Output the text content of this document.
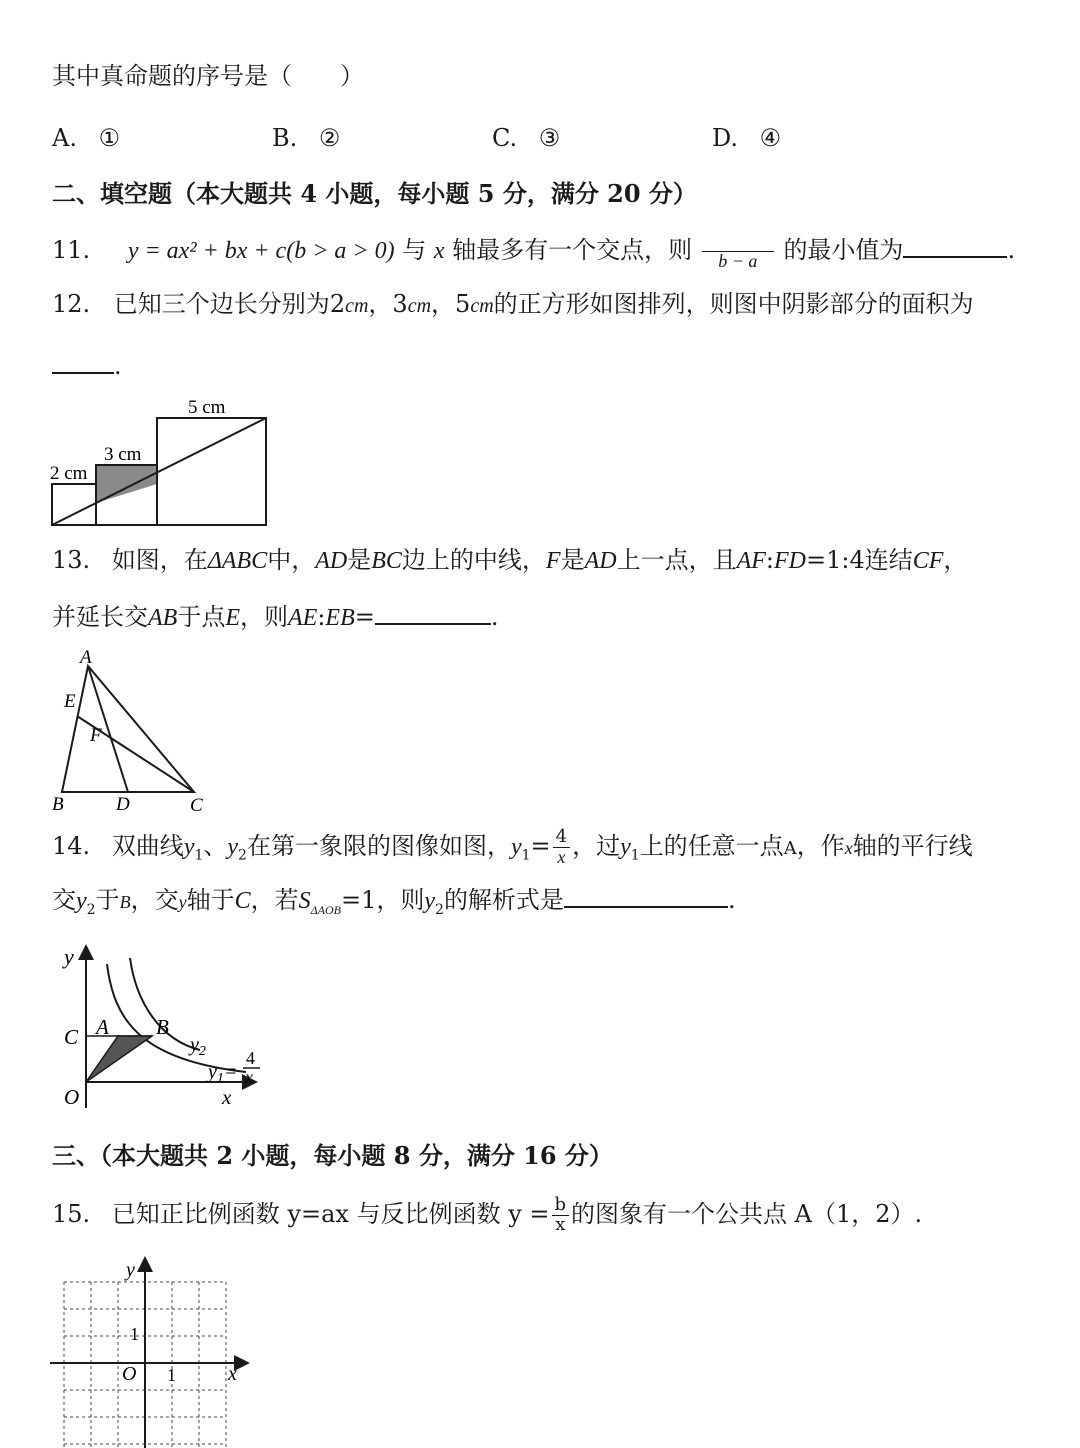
其中真命题的序号是（　　）
A. ①	B. ②	C. ③	D. ④
二、填空题（本大题共 4 小题，每小题 5 分，满分 20 分）
11. y = ax² + bx + c(b > a > 0) 与 x 轴最多有一个交点，则	b − a	的最小值为	.
12. 已知三个边长分别为2cm，3cm，5cm的正方形如图排列，则图中阴影部分的面积为
.
5 cm
3 cm
2 cm
13. 如图，在ΔABC中，AD是BC边上的中线，F是AD上一点，且AF:FD=1:4连结CF，
并延长交AB于点E，则AE:EB=	.
A
E
F
B	D	C
14. 双曲线$y_1$、$y_2$在第一象限的图像如图，$y_1= \frac{4}{x}$ ，过$y_1$上的任意一点A，作x轴的平行线
交$y_2$于B，交y轴于C，若$S_{\Delta AOB}=1$，则$y_2$的解析式是	.
y
C A B
$y_2$
$y_1=$
4
x
O	x
三、（本大题共 2 小题，每小题 8 分，满分 16 分）
15. 已知正比例函数 y=ax 与反比例函数 $y = \frac{b}{x}$ 的图象有一个公共点 A（1，2）.
y
1
O 1	x
